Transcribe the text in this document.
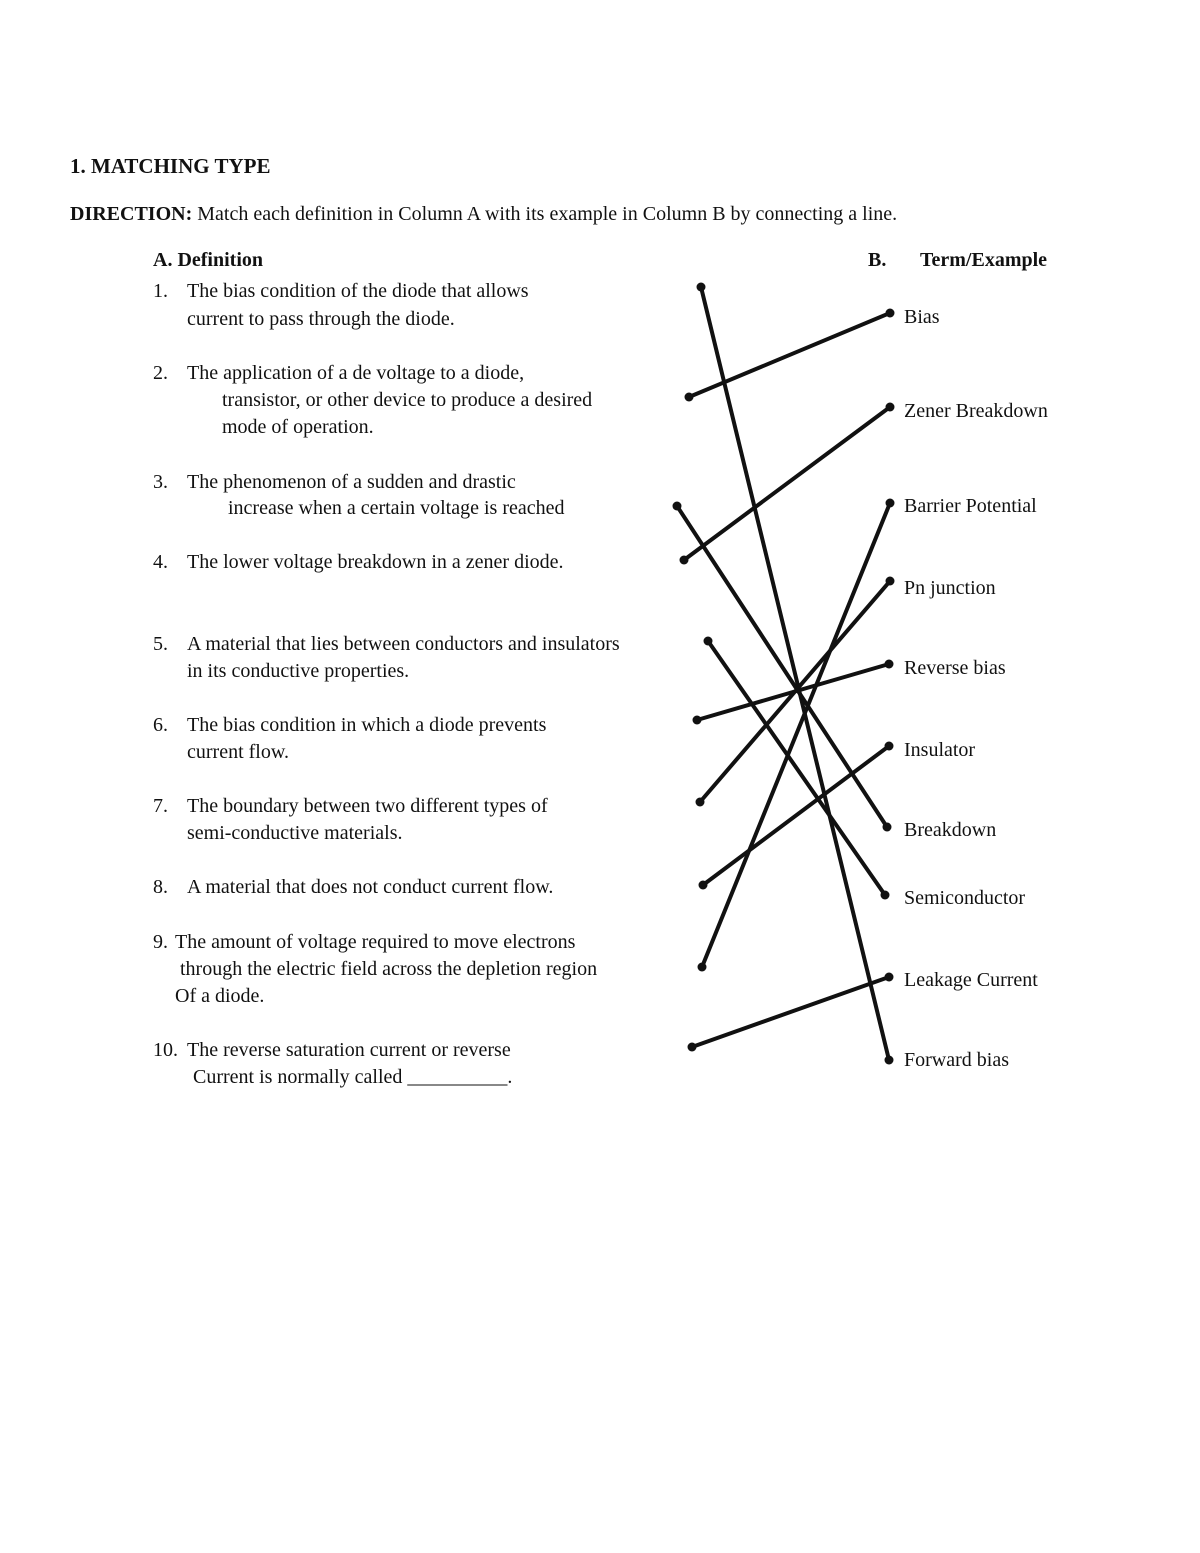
1. MATCHING TYPE
DIRECTION: Match each definition in Column A with its example in Column B by connecting a line.
A. Definition	B. Term/Example
1. The bias condition of the diode that allows
current to pass through the diode.
2. The application of a de voltage to a diode,
transistor, or other device to produce a desired
mode of operation.
3. The phenomenon of a sudden and drastic
increase when a certain voltage is reached
4. The lower voltage breakdown in a zener diode.
5. A material that lies between conductors and insulators
in its conductive properties.
6. The bias condition in which a diode prevents
current flow.
7. The boundary between two different types of
semi-conductive materials.
8. A material that does not conduct current flow.
9. The amount of voltage required to move electrons
through the electric field across the depletion region
Of a diode.
10. The reverse saturation current or reverse
Current is normally called __________.
Bias
Zener Breakdown
Barrier Potential
Pn junction
Reverse bias
Insulator
Breakdown
Semiconductor
Leakage Current
Forward bias
